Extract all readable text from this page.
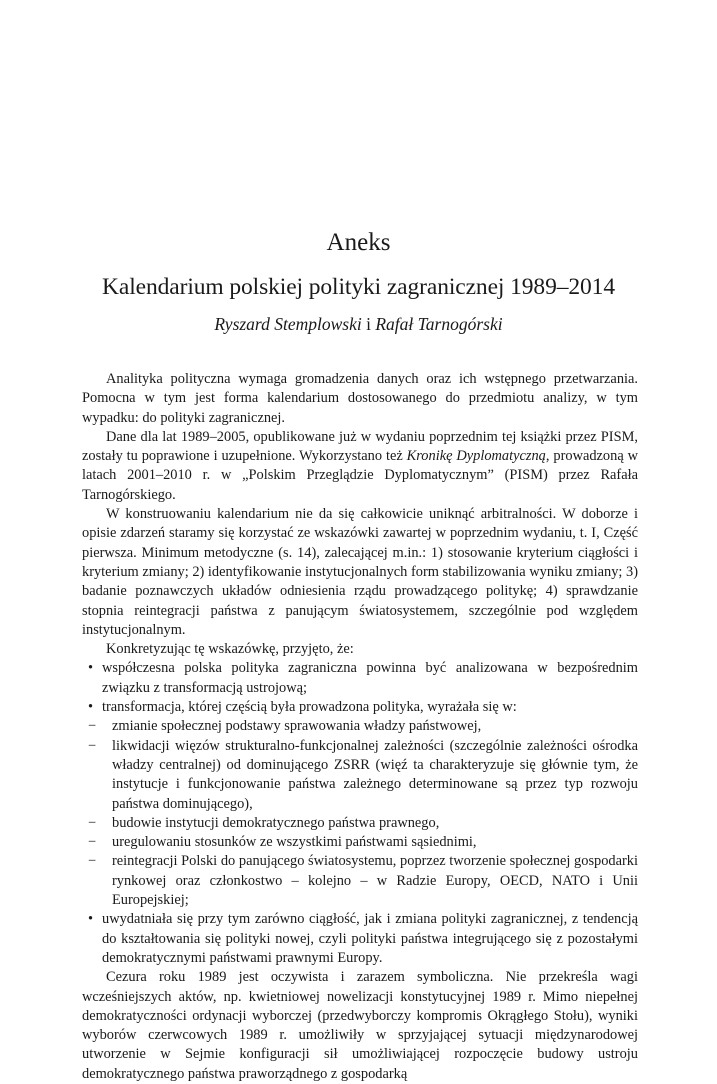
Aneks
Kalendarium polskiej polityki zagranicznej 1989–2014
Ryszard Stemplowski i Rafał Tarnogórski

Analityka polityczna wymaga gromadzenia danych oraz ich wstępnego przetwarzania. Pomocna w tym jest forma kalendarium dostosowanego do przedmiotu analizy, w tym wypadku: do polityki zagranicznej.

Dane dla lat 1989–2005, opublikowane już w wydaniu poprzednim tej książki przez PISM, zostały tu poprawione i uzupełnione. Wykorzystano też Kronikę Dyplomatyczną, prowadzoną w latach 2001–2010 r. w „Polskim Przeglądzie Dyplomatycznym” (PISM) przez Rafała Tarnogórskiego.

W konstruowaniu kalendarium nie da się całkowicie uniknąć arbitralności. W doborze i opisie zdarzeń staramy się korzystać ze wskazówki zawartej w poprzednim wydaniu, t. I, Część pierwsza. Minimum metodyczne (s. 14), zalecającej m.in.: 1) stosowanie kryterium ciągłości i kryterium zmiany; 2) identyfikowanie instytucjonalnych form stabilizowania wyniku zmiany; 3) badanie poznawczych układów odniesienia rządu prowadzącego politykę; 4) sprawdzanie stopnia reintegracji państwa z panującym światosystemem, szczególnie pod względem instytucjonalnym.

Konkretyzując tę wskazówkę, przyjęto, że:

• współczesna polska polityka zagraniczna powinna być analizowana w bezpośrednim związku z transformacją ustrojową;
• transformacja, której częścią była prowadzona polityka, wyrażała się w:
− zmianie społecznej podstawy sprawowania władzy państwowej,
− likwidacji więzów strukturalno-funkcjonalnej zależności (szczególnie zależności ośrodka władzy centralnej) od dominującego ZSRR (więź ta charakteryzuje się głównie tym, że instytucje i funkcjonowanie państwa zależnego determinowane są przez typ rozwoju państwa dominującego),
− budowie instytucji demokratycznego państwa prawnego,
− uregulowaniu stosunków ze wszystkimi państwami sąsiednimi,
− reintegracji Polski do panującego światosystemu, poprzez tworzenie społecznej gospodarki rynkowej oraz członkostwo – kolejno – w Radzie Europy, OECD, NATO i Unii Europejskiej;
• uwydatniała się przy tym zarówno ciągłość, jak i zmiana polityki zagranicznej, z tendencją do kształtowania się polityki nowej, czyli polityki państwa integrującego się z pozostałymi demokratycznymi państwami prawnymi Europy.

Cezura roku 1989 jest oczywista i zarazem symboliczna. Nie przekreśla wagi wcześniejszych aktów, np. kwietniowej nowelizacji konstytucyjnej 1989 r. Mimo niepełnej demokratyczności ordynacji wyborczej (przedwyborczy kompromis Okrągłego Stołu), wyniki wyborów czerwcowych 1989 r. umożliwiły w sprzyjającej sytuacji międzynarodowej utworzenie w Sejmie konfiguracji sił umożliwiającej rozpoczęcie budowy ustroju demokratycznego państwa praworządnego z gospodarką
